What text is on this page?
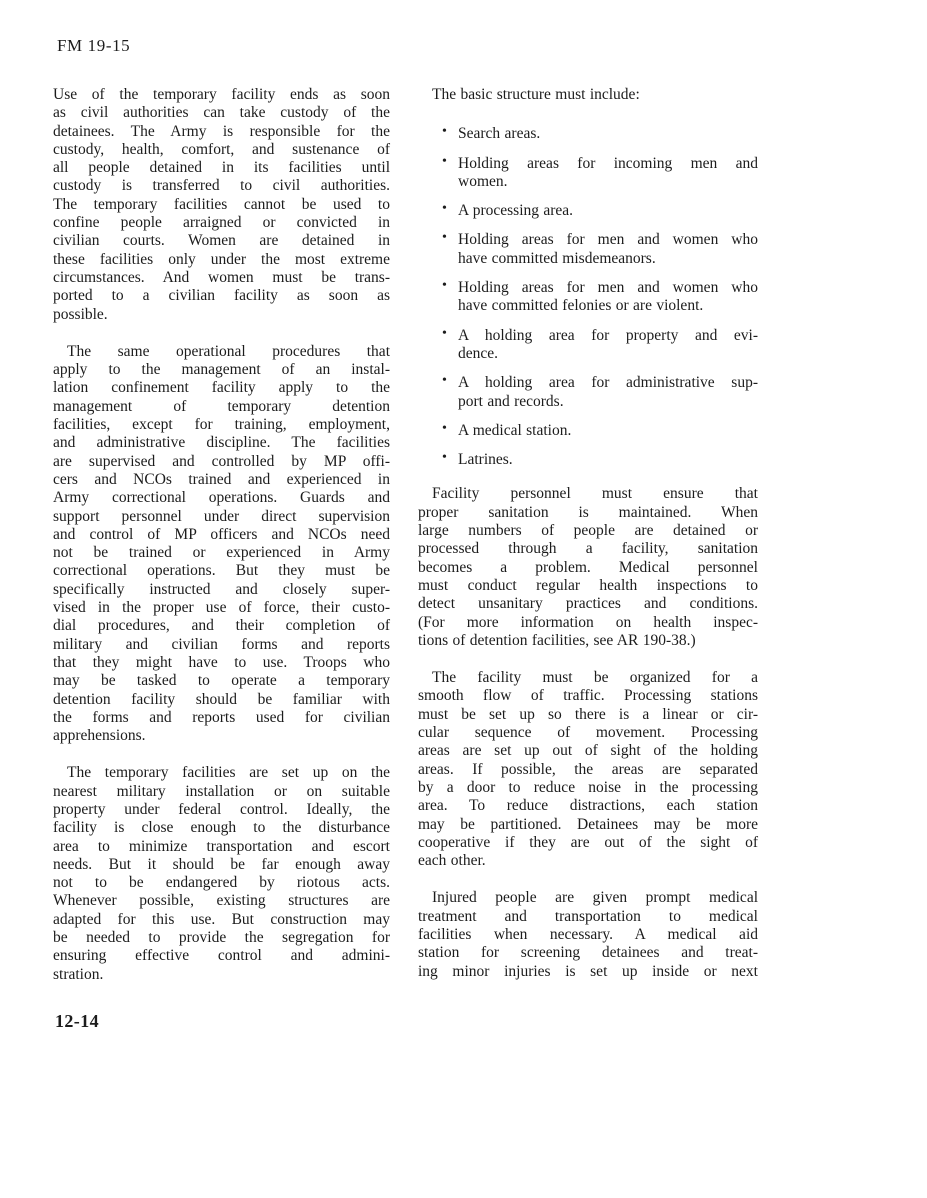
FM 19-15
Use of the temporary facility ends as soon
as civil authorities can take custody of the
detainees. The Army is responsible for the
custody, health, comfort, and sustenance of
all people detained in its facilities until
custody is transferred to civil authorities.
The temporary facilities cannot be used to
confine people arraigned or convicted in
civilian courts. Women are detained in
these facilities only under the most extreme
circumstances. And women must be trans-
ported to a civilian facility as soon as
possible.
The same operational procedures that
apply to the management of an instal-
lation confinement facility apply to the
management of temporary detention
facilities, except for training, employment,
and administrative discipline. The facilities
are supervised and controlled by MP offi-
cers and NCOs trained and experienced in
Army correctional operations. Guards and
support personnel under direct supervision
and control of MP officers and NCOs need
not be trained or experienced in Army
correctional operations. But they must be
specifically instructed and closely super-
vised in the proper use of force, their custo-
dial procedures, and their completion of
military and civilian forms and reports
that they might have to use. Troops who
may be tasked to operate a temporary
detention facility should be familiar with
the forms and reports used for civilian
apprehensions.
The temporary facilities are set up on the
nearest military installation or on suitable
property under federal control. Ideally, the
facility is close enough to the disturbance
area to minimize transportation and escort
needs. But it should be far enough away
not to be endangered by riotous acts.
Whenever possible, existing structures are
adapted for this use. But construction may
be needed to provide the segregation for
ensuring effective control and admini-
stration.
The basic structure must include:
• Search areas.
• Holding areas for incoming men and
women.
• A processing area.
• Holding areas for men and women who
have committed misdemeanors.
• Holding areas for men and women who
have committed felonies or are violent.
• A holding area for property and evi-
dence.
• A holding area for administrative sup-
port and records.
• A medical station.
• Latrines.
Facility personnel must ensure that
proper sanitation is maintained. When
large numbers of people are detained or
processed through a facility, sanitation
becomes a problem. Medical personnel
must conduct regular health inspections to
detect unsanitary practices and conditions.
(For more information on health inspec-
tions of detention facilities, see AR 190-38.)
The facility must be organized for a
smooth flow of traffic. Processing stations
must be set up so there is a linear or cir-
cular sequence of movement. Processing
areas are set up out of sight of the holding
areas. If possible, the areas are separated
by a door to reduce noise in the processing
area. To reduce distractions, each station
may be partitioned. Detainees may be more
cooperative if they are out of the sight of
each other.
Injured people are given prompt medical
treatment and transportation to medical
facilities when necessary. A medical aid
station for screening detainees and treat-
ing minor injuries is set up inside or next
12-14
